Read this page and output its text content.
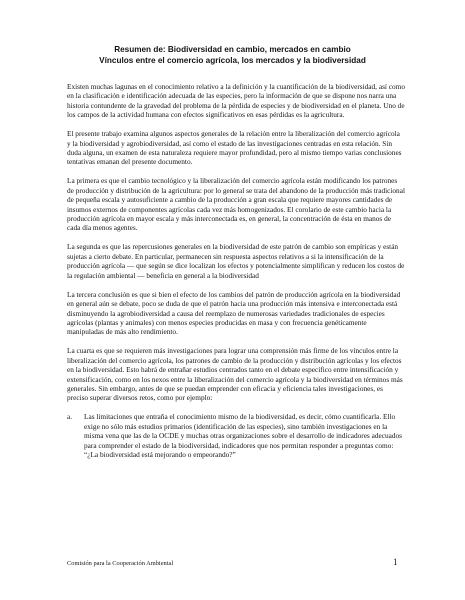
Resumen de: Biodiversidad en cambio, mercados en cambio
Vínculos entre el comercio agrícola, los mercados y la biodiversidad

Existen muchas lagunas en el conocimiento relativo a la definición y la cuantificación de la biodiversidad, así como en la clasificación e identificación adecuada de las especies, pero la información de que se dispone nos narra una historia contundente de la gravedad del problema de la pérdida de especies y de biodiversidad en el planeta. Uno de los campos de la actividad humana con efectos significativos en esas pérdidas es la agricultura.

El presente trabajo examina algunos aspectos generales de la relación entre la liberalización del comercio agrícola y la biodiversidad y agrobiodiversidad, así como el estado de las investigaciones centradas en esta relación. Sin duda alguna, un examen de esta naturaleza requiere mayor profundidad, pero al mismo tiempo varias conclusiones tentativas emanan del presente documento.

La primera es que el cambio tecnológico y la liberalización del comercio agrícola están modificando los patrones de producción y distribución de la agricultura: por lo general se trata del abandono de la producción más tradicional de pequeña escala y autosuficiente a cambio de la producción a gran escala que requiere mayores cantidades de insumos externos de componentes agrícolas cada vez más homogenizados. El corolario de este cambio hacia la producción agrícola en mayor escala y más interconectada es, en general, la concentración de ésta en manos de cada día menos agentes.

La segunda es que las repercusiones generales en la biodiversidad de este patrón de cambio son empíricas y están sujetas a cierto debate. En particular, permanecen sin respuesta aspectos relativos a si la intensificación de la producción agrícola — que según se dice localizan los efectos y potencialmente simplifican y reducen los costos de la regulación ambiental — beneficia en general a la biodiversidad

La tercera conclusión es que si bien el efecto de los cambios del patrón de producción agrícola en la biodiversidad en general aún se debate, poco se duda de que el patrón hacia una producción más intensiva e interconectada está disminuyendo la agrobiodiversidad a causa del reemplazo de numerosas variedades tradicionales de especies agrícolas (plantas y animales) con menos especies producidas en masa y con frecuencia genéticamente manipuladas de más alto rendimiento.

La cuarta es que se requieren más investigaciones para lograr una comprensión más firme de los vínculos entre la liberalización del comercio agrícola, los patrones de cambio de la producción y distribución agrícolas y los efectos en la biodiversidad. Esto habrá de entrañar estudios centrados tanto en el debate específico entre intensificación y extensificación, como en los nexos entre la liberalización del comercio agrícola y la biodiversidad en términos más generales. Sin embargo, antes de que se puedan emprender con eficacia y eficiencia tales investigaciones, es preciso superar diversos retos, como por ejemplo:

a. Las limitaciones que entraña el conocimiento mismo de la biodiversidad, es decir, cómo cuantificarla. Ello exige no sólo más estudios primarios (identificación de las especies), sino también investigaciones en la misma vena que las de la OCDE y muchas otras organizaciones sobre el desarrollo de indicadores adecuados para comprender el estado de la biodiversidad, indicadores que nos permitan responder a preguntas como: “¿La biodiversidad está mejorando o empeorando?”
Comisión para la Cooperación Ambiental	1
